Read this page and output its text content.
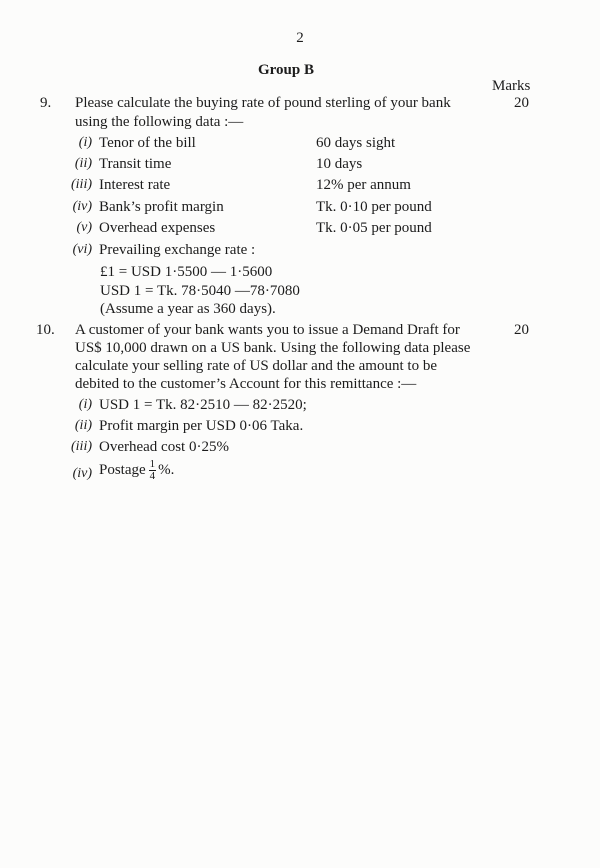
2
Group B
Marks
9.	20
Please calculate the buying rate of pound sterling of your bank
using the following data :—
(i) Tenor of the bill	60 days sight
(ii) Transit time	10 days
(iii) Interest rate	12% per annum
(iv) Bank’s profit margin	Tk. 0·10 per pound
(v) Overhead expenses	Tk. 0·05 per pound
(vi) Prevailing exchange rate :
£1 = USD 1·5500 — 1·5600
USD 1 = Tk. 78·5040 —78·7080
(Assume a year as 360 days).
10.	20
A customer of your bank wants you to issue a Demand Draft for
US$ 10,000 drawn on a US bank. Using the following data please
calculate your selling rate of US dollar and the amount to be
debited to the customer’s Account for this remittance :—
(i) USD 1 = Tk. 82·2510 — 82·2520;
(ii) Profit margin per USD 0·06 Taka.
(iii) Overhead cost 0·25%
(iv) Postage $\frac{1}{4}$ %.
